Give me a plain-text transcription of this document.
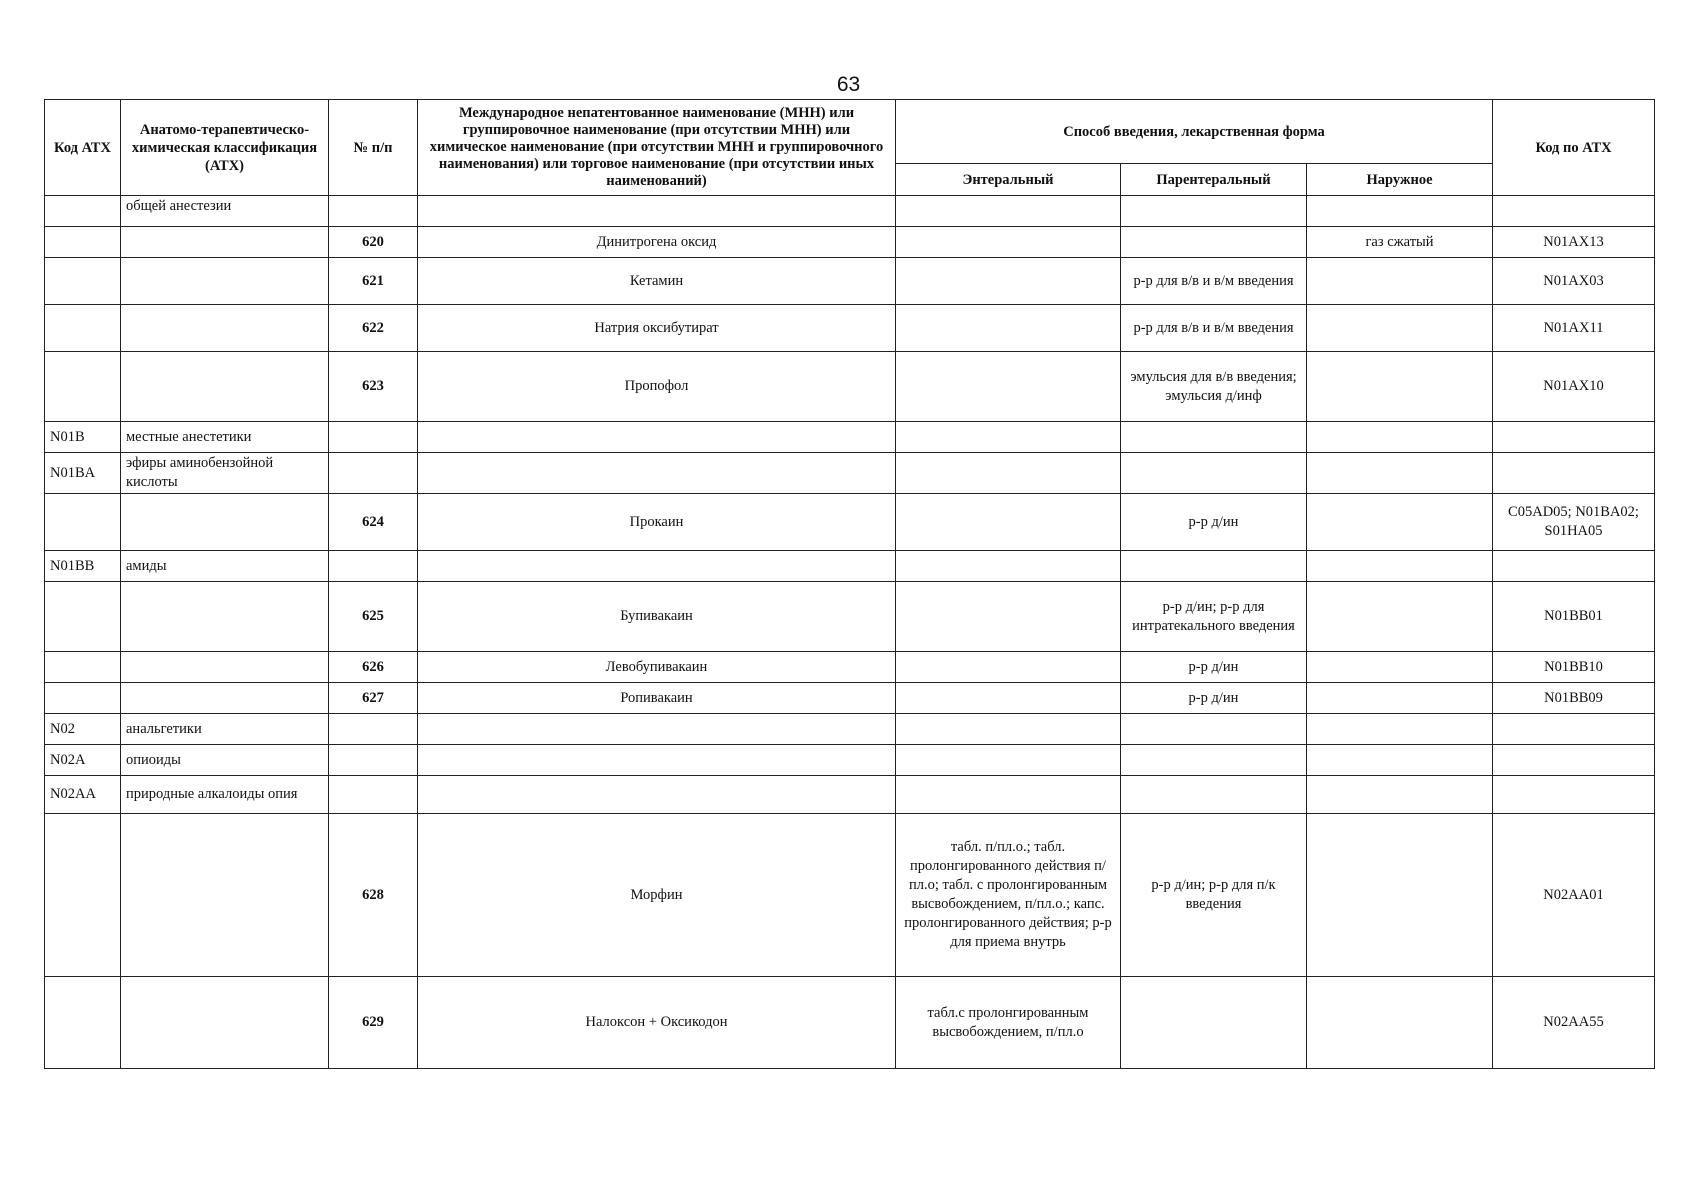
63
Код АТХ	Анатомо-терапевтическо-химическая классификация (АТХ)	№ п/п	Международное непатентованное наименование (МНН) или группировочное наименование (при отсутствии МНН) или химическое наименование (при отсутствии МНН и группировочного наименования) или торговое наименование (при отсутствии иных наименований)	Способ введения, лекарственная форма			Код по АТХ
				Энтеральный	Парентеральный	Наружное	
	общей анестезии						
		620	Динитрогена оксид			газ сжатый	N01AX13
		621	Кетамин		р-р для в/в и в/м введения		N01AX03
		622	Натрия оксибутират		р-р для в/в и в/м введения		N01AX11
		623	Пропофол		эмульсия для в/в введения; эмульсия д/инф		N01AX10
N01B	местные анестетики						
N01BA	эфиры аминобензойной кислоты						
		624	Прокаин		р-р д/ин		C05AD05; N01BA02; S01HA05
N01BB	амиды						
		625	Бупивакаин		р-р д/ин; р-р для интратекального введения		N01BB01
		626	Левобупивакаин		р-р д/ин		N01BB10
		627	Ропивакаин		р-р д/ин		N01BB09
N02	анальгетики						
N02A	опиоиды						
N02AA	природные алкалоиды опия						
		628	Морфин	табл. п/пл.о.; табл. пролонгированного действия п/пл.о; табл. с пролонгированным высвобождением, п/пл.о.; капс. пролонгированного действия; р-р для приема внутрь	р-р д/ин; р-р для п/к введения		N02AA01
		629	Налоксон + Оксикодон	табл.с пролонгированным высвобождением, п/пл.о			N02AA55
